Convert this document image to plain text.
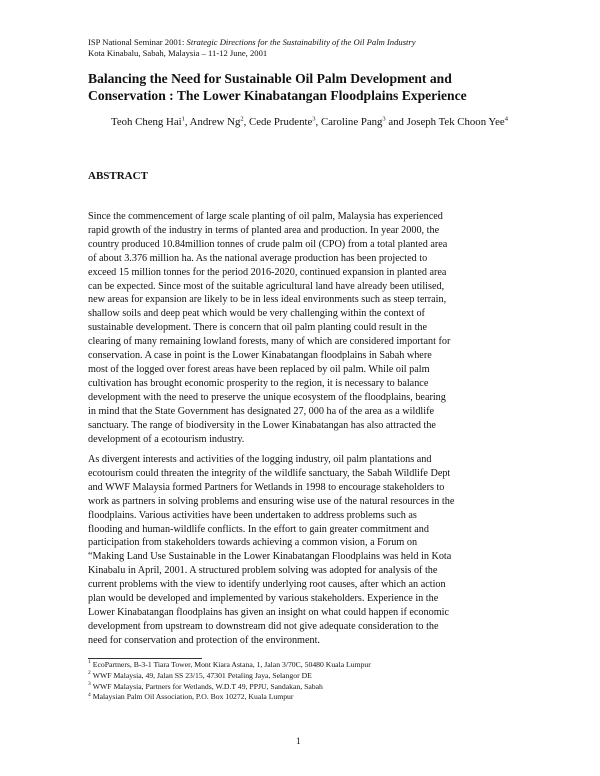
ISP National Seminar 2001: Strategic Directions for the Sustainability of the Oil Palm Industry
Kota Kinabalu, Sabah, Malaysia – 11-12 June, 2001
Balancing the Need for Sustainable Oil Palm Development and Conservation : The Lower Kinabatangan Floodplains Experience
Teoh Cheng Hai$^1$, Andrew Ng$^2$, Cede Prudente$^3$, Caroline Pang$^3$ and Joseph Tek Choon Yee$^4$
ABSTRACT

Since the commencement of large scale planting of oil palm, Malaysia has experienced
rapid growth of the industry in terms of planted area and production. In year 2000, the
country produced 10.84million tonnes of crude palm oil (CPO) from a total planted area
of about 3.376 million ha. As the national average production has been projected to
exceed 15 million tonnes for the period 2016-2020, continued expansion in planted area
can be expected. Since most of the suitable agricultural land have already been utilised,
new areas for expansion are likely to be in less ideal environments such as steep terrain,
shallow soils and deep peat which would be very challenging within the context of
sustainable development. There is concern that oil palm planting could result in the
clearing of many remaining lowland forests, many of which are considered important for
conservation. A case in point is the Lower Kinabatangan floodplains in Sabah where
most of the logged over forest areas have been replaced by oil palm. While oil palm
cultivation has brought economic prosperity to the region, it is necessary to balance
development with the need to preserve the unique ecosystem of the floodplains, bearing
in mind that the State Government has designated 27, 000 ha of the area as a wildlife
sanctuary. The range of biodiversity in the Lower Kinabatangan has also attracted the
development of a ecotourism industry.

As divergent interests and activities of the logging industry, oil palm plantations and
ecotourism could threaten the integrity of the wildlife sanctuary, the Sabah Wildlife Dept
and WWF Malaysia formed Partners for Wetlands in 1998 to encourage stakeholders to
work as partners in solving problems and ensuring wise use of the natural resources in the
floodplains. Various activities have been undertaken to address problems such as
flooding and human-wildlife conflicts. In the effort to gain greater commitment and
participation from stakeholders towards achieving a common vision, a Forum on
“Making Land Use Sustainable in the Lower Kinabatangan Floodplains was held in Kota
Kinabalu in April, 2001. A structured problem solving was adopted for analysis of the
current problems with the view to identify underlying root causes, after which an action
plan would be developed and implemented by various stakeholders. Experience in the
Lower Kinabatangan floodplains has given an insight on what could happen if economic
development from upstream to downstream did not give adequate consideration to the
need for conservation and protection of the environment.

$^1$ EcoPartners, B-3-1 Tiara Tower, Mont Kiara Astana, 1, Jalan 3/70C, 50480 Kuala Lumpur
$^2$ WWF Malaysia, 49, Jalan SS 23/15, 47301 Petaling Jaya, Selangor DE
$^3$ WWF Malaysia, Partners for Wetlands, W.D.T 49, PPJU, Sandakan, Sabah
$^4$ Malaysian Palm Oil Association, P.O. Box 10272, Kuala Lumpur
1
